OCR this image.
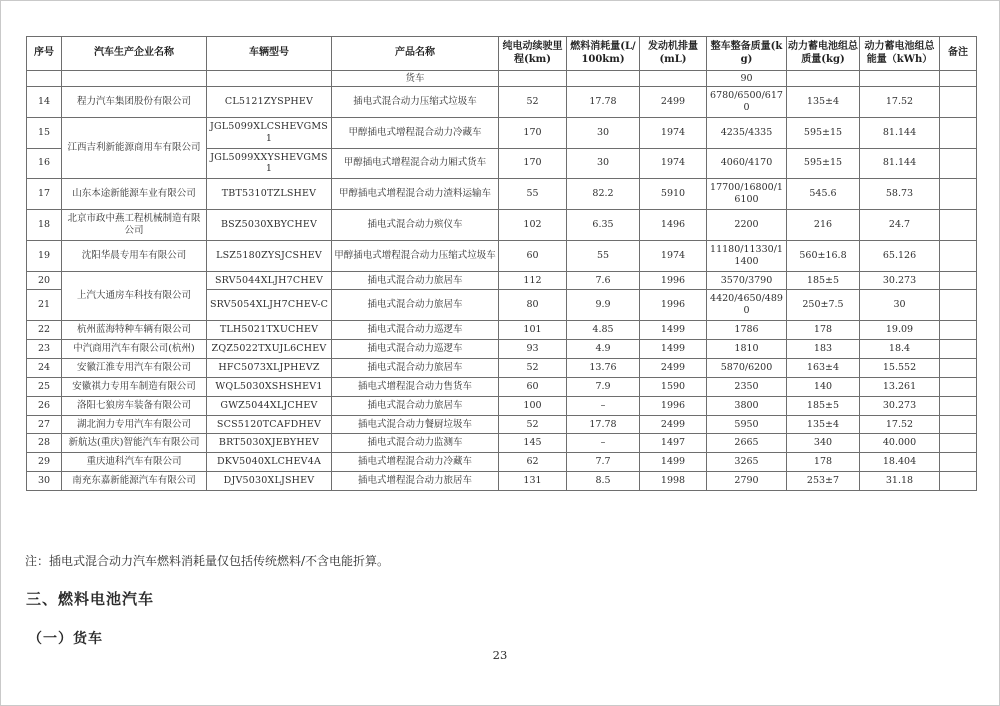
序号	汽车生产企业名称	车辆型号	产品名称	纯电动续驶里程(km)	燃料消耗量(L/100km)	发动机排量(mL)	整车整备质量(kg)	动力蓄电池组总质量(kg)	动力蓄电池组总能量（kWh）	备注
			货车				90			
14	程力汽车集团股份有限公司	CL5121ZYSPHEV	插电式混合动力压缩式垃圾车	52	17.78	2499	6780/6500/6170	135±4	17.52	
15	江西吉利新能源商用车有限公司	JGL5099XLCSHEVGMS1	甲醇插电式增程混合动力冷藏车	170	30	1974	4235/4335	595±15	81.144	
16		JGL5099XXYSHEVGMS1	甲醇插电式增程混合动力厢式货车	170	30	1974	4060/4170	595±15	81.144	
17	山东本途新能源车业有限公司	TBT5310TZLSHEV	甲醇插电式增程混合动力渣料运输车	55	82.2	5910	17700/16800/16100	545.6	58.73	
18	北京市政中燕工程机械制造有限公司	BSZ5030XBYCHEV	插电式混合动力殡仪车	102	6.35	1496	2200	216	24.7	
19	沈阳华晨专用车有限公司	LSZ5180ZYSJCSHEV	甲醇插电式增程混合动力压缩式垃圾车	60	55	1974	11180/11330/11400	560±16.8	65.126	
20	上汽大通房车科技有限公司	SRV5044XLJH7CHEV	插电式混合动力旅居车	112	7.6	1996	3570/3790	185±5	30.273	
21		SRV5054XLJH7CHEV-C	插电式混合动力旅居车	80	9.9	1996	4420/4650/4890	250±7.5	30	
22	杭州蓝海特种车辆有限公司	TLH5021TXUCHEV	插电式混合动力巡逻车	101	4.85	1499	1786	178	19.09	
23	中汽商用汽车有限公司(杭州)	ZQZ5022TXUJL6CHEV	插电式混合动力巡逻车	93	4.9	1499	1810	183	18.4	
24	安徽江淮专用汽车有限公司	HFC5073XLJPHEVZ	插电式混合动力旅居车	52	13.76	2499	5870/6200	163±4	15.552	
25	安徽祺力专用车制造有限公司	WQL5030XSHSHEV1	插电式增程混合动力售货车	60	7.9	1590	2350	140	13.261	
26	洛阳七狼房车装备有限公司	GWZ5044XLJCHEV	插电式混合动力旅居车	100	–	1996	3800	185±5	30.273	
27	湖北润力专用汽车有限公司	SCS5120TCAFDHEV	插电式混合动力餐厨垃圾车	52	17.78	2499	5950	135±4	17.52	
28	新航达(重庆)智能汽车有限公司	BRT5030XJEBYHEV	插电式混合动力监测车	145	–	1497	2665	340	40.000	
29	重庆迪科汽车有限公司	DKV5040XLCHEV4A	插电式增程混合动力冷藏车	62	7.7	1499	3265	178	18.404	
30	南充东嘉新能源汽车有限公司	DJV5030XLJSHEV	插电式增程混合动力旅居车	131	8.5	1998	2790	253±7	31.18	
注：插电式混合动力汽车燃料消耗量仅包括传统燃料/不含电能折算。
三、燃料电池汽车
（一）货车
23
